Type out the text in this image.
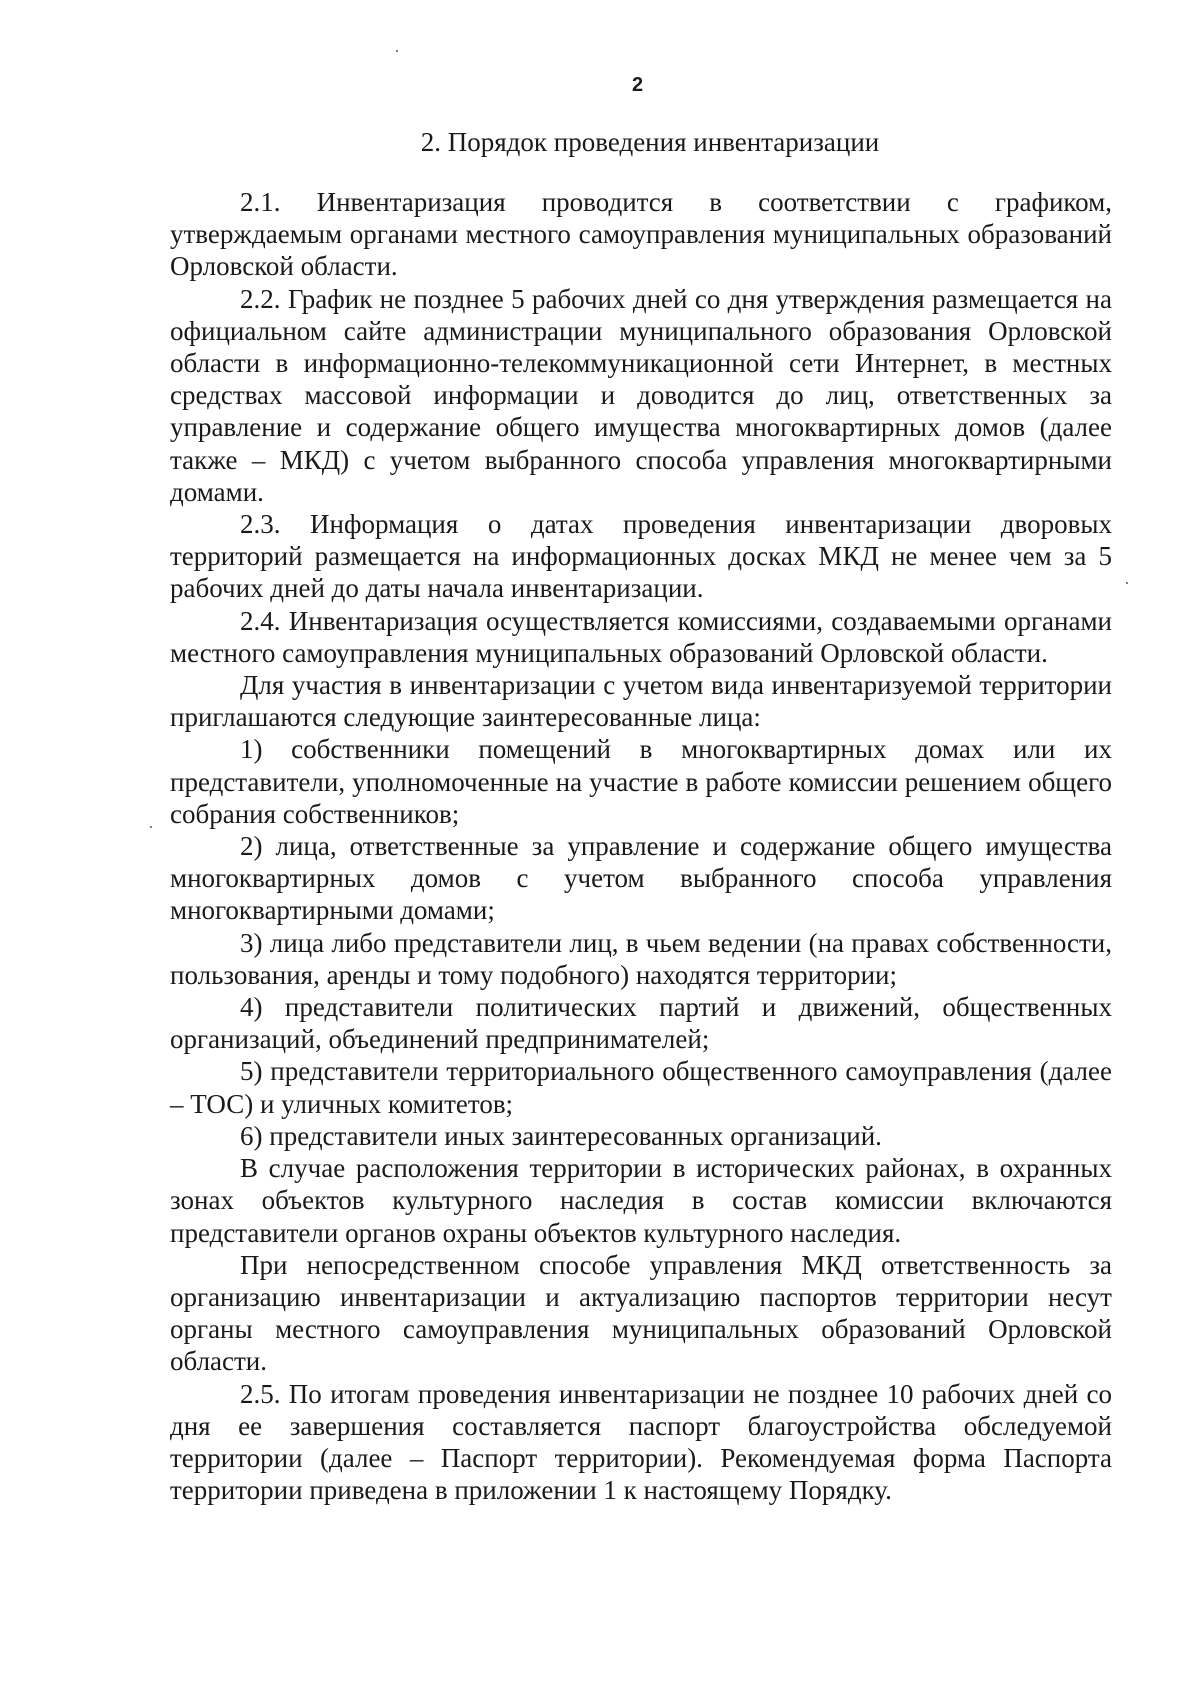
2
2. Порядок проведения инвентаризации

2.1. Инвентаризация проводится в соответствии с графиком, утверждаемым органами местного самоуправления муниципальных образований Орловской области.

2.2. График не позднее 5 рабочих дней со дня утверждения размещается на официальном сайте администрации муниципального образования Орловской области в информационно-телекоммуникационной сети Интернет, в местных средствах массовой информации и доводится до лиц, ответственных за управление и содержание общего имущества многоквартирных домов (далее также – МКД) с учетом выбранного способа управления многоквартирными домами.

2.3. Информация о датах проведения инвентаризации дворовых территорий размещается на информационных досках МКД не менее чем за 5 рабочих дней до даты начала инвентаризации.

2.4. Инвентаризация осуществляется комиссиями, создаваемыми органами местного самоуправления муниципальных образований Орловской области.

Для участия в инвентаризации с учетом вида инвентаризуемой территории приглашаются следующие заинтересованные лица:

1) собственники помещений в многоквартирных домах или их представители, уполномоченные на участие в работе комиссии решением общего собрания собственников;

2) лица, ответственные за управление и содержание общего имущества многоквартирных домов с учетом выбранного способа управления многоквартирными домами;

3) лица либо представители лиц, в чьем ведении (на правах собственности, пользования, аренды и тому подобного) находятся территории;

4) представители политических партий и движений, общественных организаций, объединений предпринимателей;

5) представители территориального общественного самоуправления (далее – ТОС) и уличных комитетов;

6) представители иных заинтересованных организаций.

В случае расположения территории в исторических районах, в охранных зонах объектов культурного наследия в состав комиссии включаются представители органов охраны объектов культурного наследия.

При непосредственном способе управления МКД ответственность за организацию инвентаризации и актуализацию паспортов территории несут органы местного самоуправления муниципальных образований Орловской области.

2.5. По итогам проведения инвентаризации не позднее 10 рабочих дней со дня ее завершения составляется паспорт благоустройства обследуемой территории (далее – Паспорт территории). Рекомендуемая форма Паспорта территории приведена в приложении 1 к настоящему Порядку.
